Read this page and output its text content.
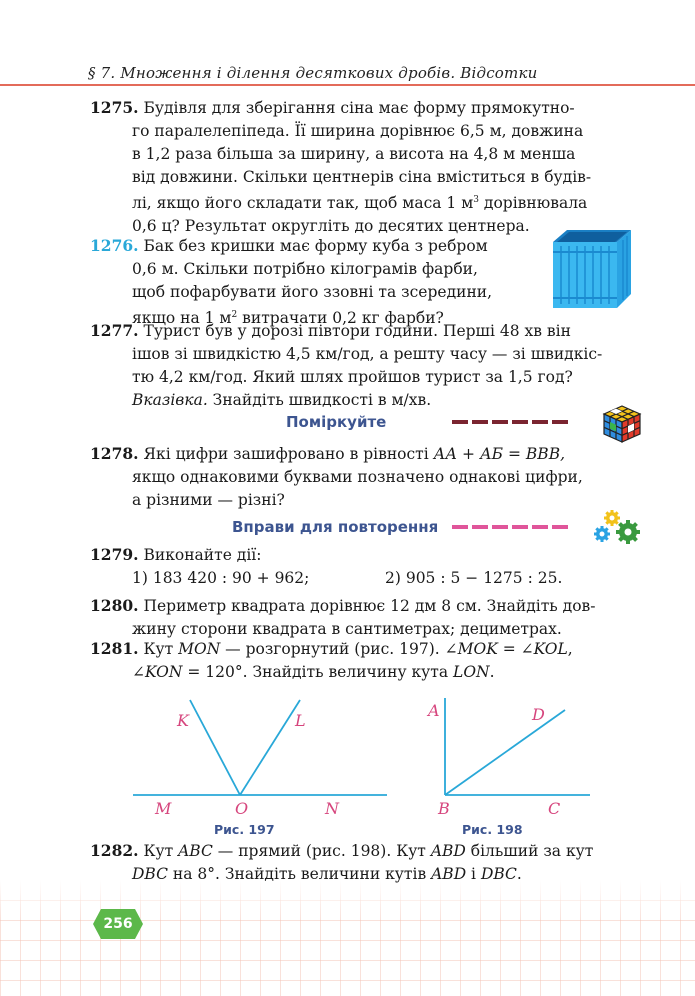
§ 7. Множення і ділення десяткових дробів. Відсотки

1275. Будівля для зберігання сіна має форму прямокутно-

го паралелепіпеда. Її ширина дорівнює 6,5 м, довжина

в 1,2 раза більша за ширину, а висота на 4,8 м менша

від довжини. Скільки центнерів сіна вміститься в будів-

лі, якщо його складати так, щоб маса 1 $м^3$ дорівнювала

0,6 ц? Результат округліть до десятих центнера.

1276. Бак без кришки має форму куба з ребром

0,6 м. Скільки потрібно кілограмів фарби,

щоб пофарбувати його ззовні та зсередини,

якщо на 1 $м^2$ витрачати 0,2 кг фарби?

1277. Турист був у дорозі півтори години. Перші 48 хв він

ішов зі швидкістю 4,5 км/год, а решту часу — зі швидкіс-

тю 4,2 км/год. Який шлях пройшов турист за 1,5 год?

Вказівка. Знайдіть швидкості в м/хв.

Поміркуйте

1278. Які цифри зашифровано в рівності АА + АБ = ВВВ,

якщо однаковими буквами позначено однакові цифри,

а різними — різні?

Вправи для повторення

1279. Виконайте дії:

1) 183 420 : 90 + 962;	2) 905 : 5 − 1275 : 25.

1280. Периметр квадрата дорівнює 12 дм 8 см. Знайдіть дов-

жину сторони квадрата в сантиметрах; дециметрах.

1281. Кут MON — розгорнутий (рис. 197). ∠MOK = ∠KOL,

∠KON = 120°. Знайдіть величину кута LON.

K	L
M	O	N
Рис. 197
A	D
B	C
Рис. 198

1282. Кут ABC — прямий (рис. 198). Кут ABD більший за кут

DBC на 8°. Знайдіть величини кутів ABD і DBC.

256
